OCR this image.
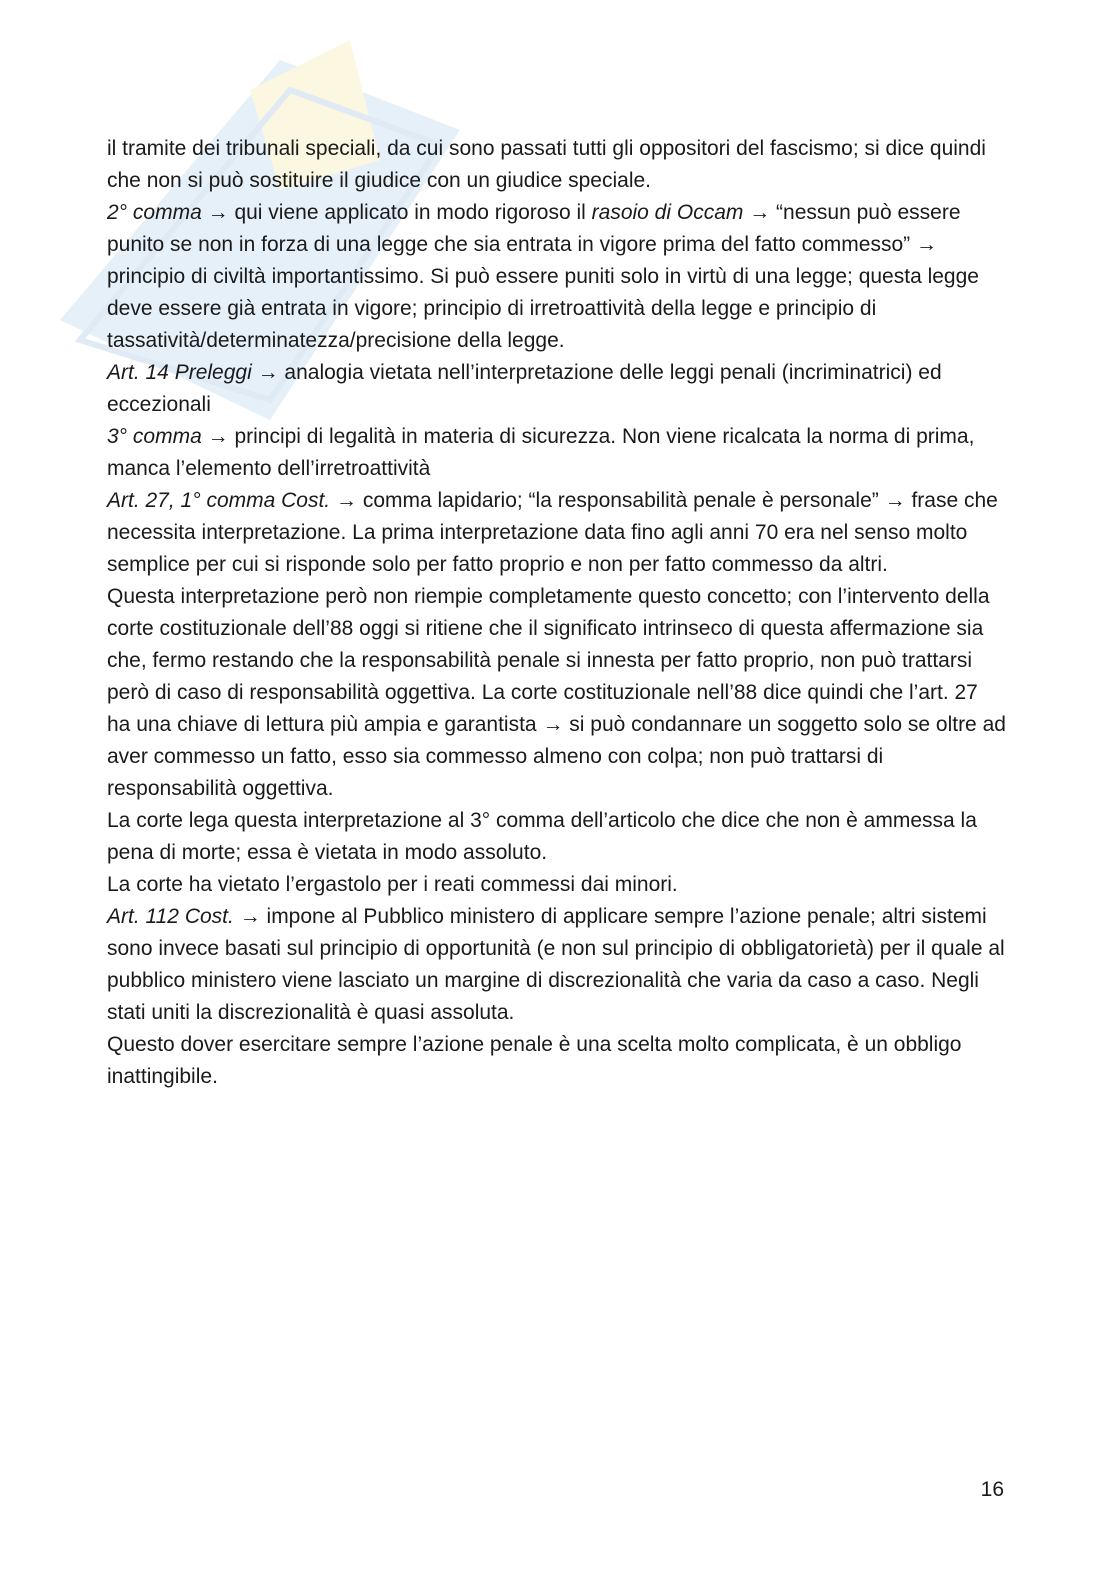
il tramite dei tribunali speciali, da cui sono passati tutti gli oppositori del fascismo; si dice quindi che non si può sostituire il giudice con un giudice speciale.

2° comma → qui viene applicato in modo rigoroso il rasoio di Occam → “nessun può essere punito se non in forza di una legge che sia entrata in vigore prima del fatto commesso” → principio di civiltà importantissimo. Si può essere puniti solo in virtù di una legge; questa legge deve essere già entrata in vigore; principio di irretroattività della legge e principio di tassatività/determinatezza/precisione della legge.

Art. 14 Preleggi → analogia vietata nell’interpretazione delle leggi penali (incriminatrici) ed eccezionali

3° comma → principi di legalità in materia di sicurezza. Non viene ricalcata la norma di prima, manca l’elemento dell’irretroattività

Art. 27, 1° comma Cost. → comma lapidario; “la responsabilità penale è personale” → frase che necessita interpretazione. La prima interpretazione data fino agli anni 70 era nel senso molto semplice per cui si risponde solo per fatto proprio e non per fatto commesso da altri.

Questa interpretazione però non riempie completamente questo concetto; con l’intervento della corte costituzionale dell’88 oggi si ritiene che il significato intrinseco di questa affermazione sia che, fermo restando che la responsabilità penale si innesta per fatto proprio, non può trattarsi però di caso di responsabilità oggettiva. La corte costituzionale nell’88 dice quindi che l’art. 27 ha una chiave di lettura più ampia e garantista → si può condannare un soggetto solo se oltre ad aver commesso un fatto, esso sia commesso almeno con colpa; non può trattarsi di responsabilità oggettiva.

La corte lega questa interpretazione al 3° comma dell’articolo che dice che non è ammessa la pena di morte; essa è vietata in modo assoluto.

La corte ha vietato l’ergastolo per i reati commessi dai minori.

Art. 112 Cost. → impone al Pubblico ministero di applicare sempre l’azione penale; altri sistemi sono invece basati sul principio di opportunità (e non sul principio di obbligatorietà) per il quale al pubblico ministero viene lasciato un margine di discrezionalità che varia da caso a caso. Negli stati uniti la discrezionalità è quasi assoluta.

Questo dover esercitare sempre l’azione penale è una scelta molto complicata, è un obbligo inattingibile.

16
